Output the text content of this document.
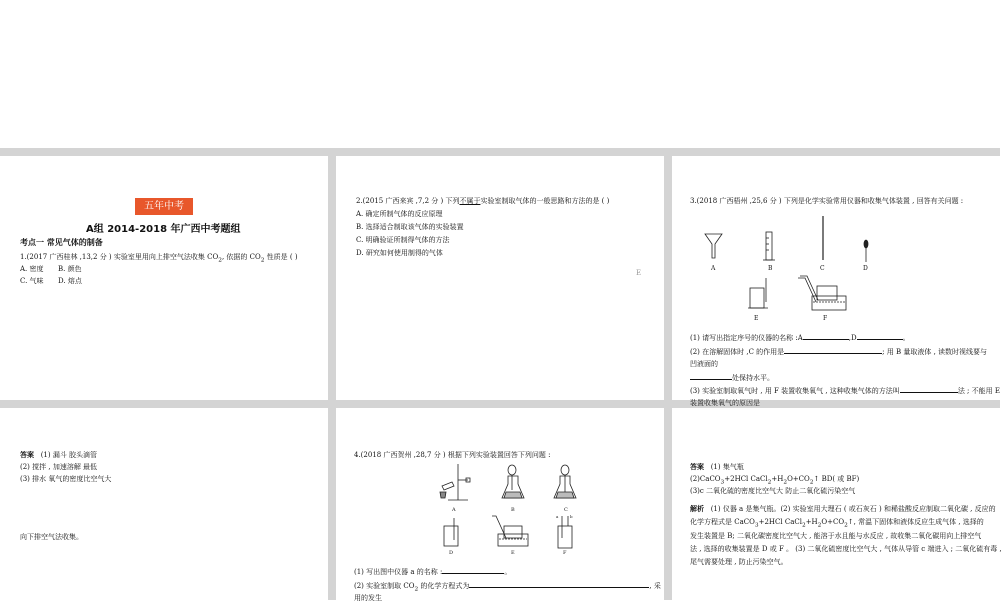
五年中考
A组 2014-2018 年广西中考题组
考点一 常见气体的制备
1.(2017 广西桂林 ,13,2 分 ) 实验室里用向上排空气法收集 $CO_2$, 依据的 $CO_2$ 性质是 ( )
A. 密度 B. 颜色
C. 气味 D. 熔点
2.(2015 广西来宾 ,7,2 分 ) 下列不属于实验室制取气体的一般思路和方法的是 ( )
A. 确定所制气体的反应原理
B. 选择适合制取该气体的实验装置
C. 明确验证所制得气体的方法
D. 研究如何使用制得的气体
E
3.(2018 广西梧州 ,25,6 分 ) 下列是化学实验常用仪器和收集气体装置 , 回答有关问题 :
A	B	C	D
E	F
(1) 请写出指定序号的仪器的名称 :A	,D	。
(2) 在溶解固体时 ,C 的作用是	; 用 B 量取液体 , 读数时视线要与
凹液面的
处保持水平。
(3) 实验室制取氧气时 , 用 F 装置收集氧气 , 这种收集气体的方法叫	法 ; 不能用 E
装置收集氧气的原因是
答案 (1) 漏斗 胶头滴管
(2) 搅拌 , 加速溶解 最低
(3) 排水 氧气的密度比空气大
向下排空气法收集。
4.(2018 广西贺州 ,28,7 分 ) 根据下列实验装置回答下列问题 :
A	B	C
D	E	F
a	b
(1) 写出图中仪器 a 的名称 :	。
(2) 实验室制取 $CO_2$ 的化学方程式为	, 采
用的发生
答案 (1) 集气瓶
(2)CaCO$_3$+2HCl $CaCl_2+H_2O+CO_2↑$ BD( 或 BF)
(3)c 二氧化硫的密度比空气大 防止二氧化硫污染空气
解析 (1) 仪器 a 是集气瓶。(2) 实验室用大理石 ( 或石灰石 ) 和稀盐酸反应制取二氧化碳 , 反应的
化学方程式是 CaCO$_3$+2HCl $CaCl_2+H_2O+CO_2↑$, 常温下固体和液体反应生成气体 , 选择的
发生装置是 B; 二氧化碳密度比空气大 , 能溶于水且能与水反应 , 故收集二氧化碳用向上排空气
法 , 选择的收集装置是 D 或 F 。 (3) 二氧化硫密度比空气大 , 气体从导管 c 端进入 ; 二氧化硫有毒 ,
尾气需要处理 , 防止污染空气。
